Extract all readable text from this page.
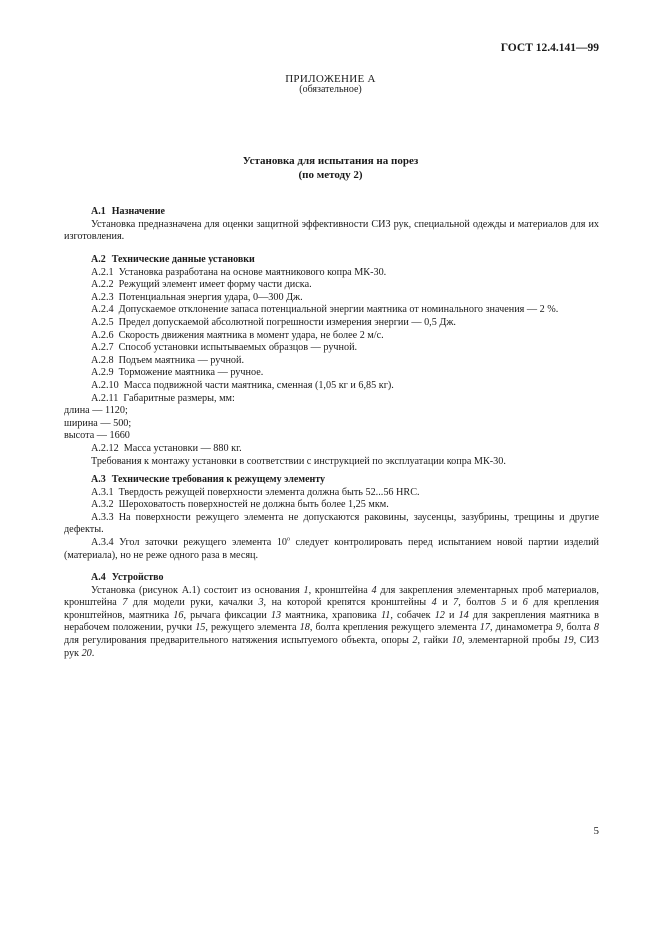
ГОСТ 12.4.141—99
ПРИЛОЖЕНИЕ А
(обязательное)
Установка для испытания на порез
(по методу 2)
А.1 Назначение
Установка предназначена для оценки защитной эффективности СИЗ рук, специальной одежды и материалов для их изготовления.
А.2 Технические данные установки
А.2.1 Установка разработана на основе маятникового копра МК-30.
А.2.2 Режущий элемент имеет форму части диска.
А.2.3 Потенциальная энергия удара, 0—300 Дж.
А.2.4 Допускаемое отклонение запаса потенциальной энергии маятника от номинального значения — 2 %.
А.2.5 Предел допускаемой абсолютной погрешности измерения энергии — 0,5 Дж.
А.2.6 Скорость движения маятника в момент удара, не более 2 м/с.
А.2.7 Способ установки испытываемых образцов — ручной.
А.2.8 Подъем маятника — ручной.
А.2.9 Торможение маятника — ручное.
А.2.10 Масса подвижной части маятника, сменная (1,05 кг и 6,85 кг).
А.2.11 Габаритные размеры, мм:
длина — 1120;
ширина — 500;
высота — 1660
А.2.12 Масса установки — 880 кг.
Требования к монтажу установки в соответствии с инструкцией по эксплуатации копра МК-30.
А.3 Технические требования к режущему элементу
А.3.1 Твердость режущей поверхности элемента должна быть 52...56 HRC.
А.3.2 Шероховатость поверхностей не должна быть более 1,25 мкм.
А.3.3 На поверхности режущего элемента не допускаются раковины, заусенцы, зазубрины, трещины и другие дефекты.
А.3.4 Угол заточки режущего элемента $10^о$ следует контролировать перед испытанием новой партии изделий (материала), но не реже одного раза в месяц.
А.4 Устройство
Установка (рисунок А.1) состоит из основания 1, кронштейна 4 для закрепления элементарных проб материалов, кронштейна 7 для модели руки, качалки 3, на которой крепятся кронштейны 4 и 7, болтов 5 и 6 для крепления кронштейнов, маятника 16, рычага фиксации 13 маятника, храповика 11, собачек 12 и 14 для закрепления маятника в нерабочем положении, ручки 15, режущего элемента 18, болта крепления режущего элемента 17, динамометра 9, болта 8 для регулирования предварительного натяжения испытуемого объекта, опоры 2, гайки 10, элементарной пробы 19, СИЗ рук 20.
5
